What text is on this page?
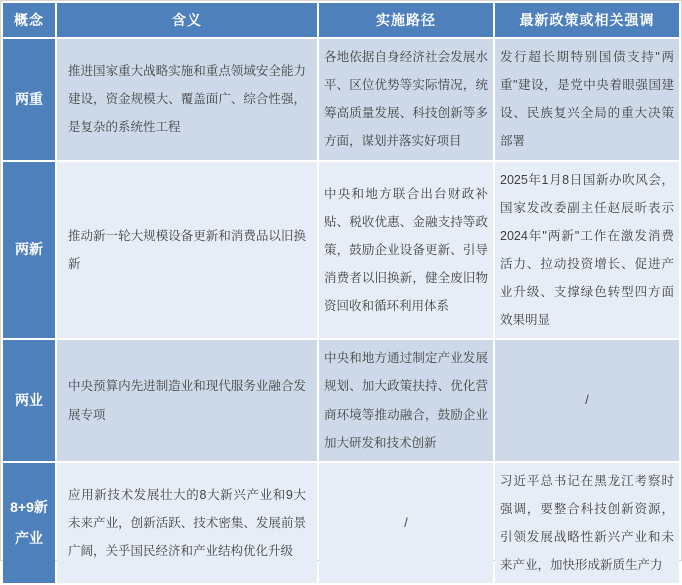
概念	含义	实施路径	最新政策或相关强调
两重	推进国家重大战略实施和重点领域安全能力建设，资金规模大、覆盖面广、综合性强，是复杂的系统性工程	各地依据自身经济社会发展水平、区位优势等实际情况，统筹高质量发展、科技创新等多方面，谋划并落实好项目	发行超长期特别国债支持"两重"建设，是党中央着眼强国建设、民族复兴全局的重大决策部署
两新	推动新一轮大规模设备更新和消费品以旧换新	中央和地方联合出台财政补贴、税收优惠、金融支持等政策，鼓励企业设备更新、引导消费者以旧换新，健全废旧物资回收和循环利用体系	2025年1月8日国新办吹风会，国家发改委副主任赵辰昕表示2024年"两新"工作在激发消费活力、拉动投资增长、促进产业升级、支撑绿色转型四方面效果明显
两业	中央预算内先进制造业和现代服务业融合发展专项	中央和地方通过制定产业发展规划、加大政策扶持、优化营商环境等推动融合，鼓励企业加大研发和技术创新	/
8+9新产业	应用新技术发展壮大的8大新兴产业和9大未来产业，创新活跃、技术密集、发展前景广阔，关乎国民经济和产业结构优化升级	/	习近平总书记在黑龙江考察时强调，要整合科技创新资源，引领发展战略性新兴产业和未来产业，加快形成新质生产力
